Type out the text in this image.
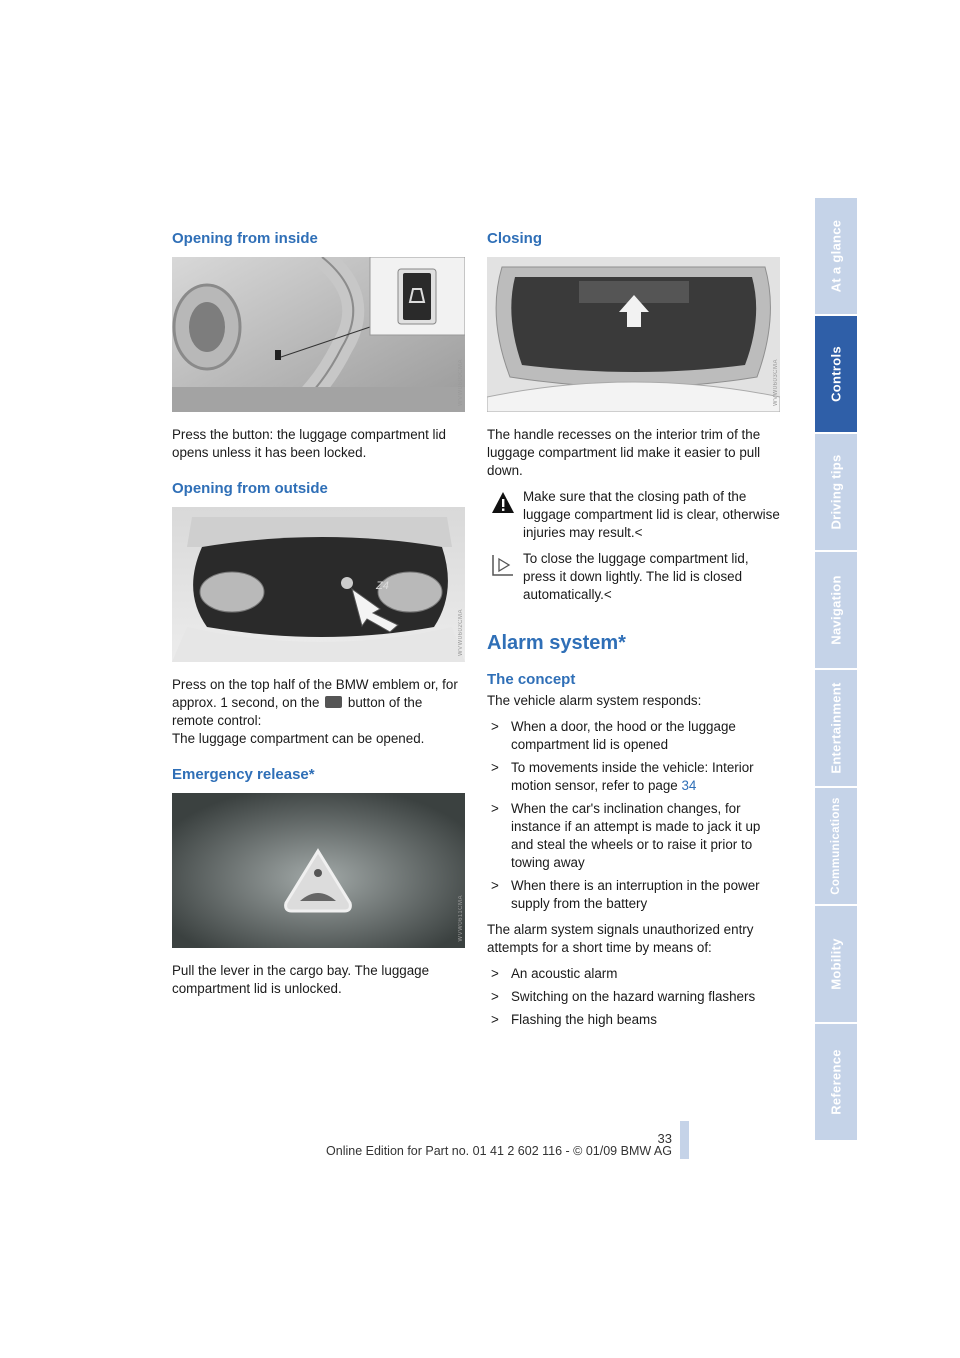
Opening from inside
WVW0600CMA

Press the button: the luggage compartment lid opens unless it has been locked.

Opening from outside
Z4
WVW0602CMA

Press on the top half of the BMW emblem or, for approx. 1 second, on the button of the remote control:
The luggage compartment can be opened.

Emergency release*
WVW0611CMA

Pull the lever in the cargo bay. The luggage compartment lid is unlocked.

Closing
WVW0603CMA

The handle recesses on the interior trim of the luggage compartment lid make it easier to pull down.

Make sure that the closing path of the luggage compartment lid is clear, otherwise injuries may result.<
To close the luggage compartment lid, press it down lightly. The lid is closed automatically.<
Alarm system*
The concept

The vehicle alarm system responds:

> When a door, the hood or the luggage compartment lid is opened
> To movements inside the vehicle: Interior motion sensor, refer to page 34
> When the car's inclination changes, for instance if an attempt is made to jack it up and steal the wheels or to raise it prior to towing away
> When there is an interruption in the power supply from the battery

The alarm system signals unauthorized entry attempts for a short time by means of:

> An acoustic alarm
> Switching on the hazard warning flashers
> Flashing the high beams
At a glance
Controls
Driving tips
Navigation
Entertainment
Communications
Mobility
Reference
33
Online Edition for Part no. 01 41 2 602 116 - © 01/09 BMW AG
